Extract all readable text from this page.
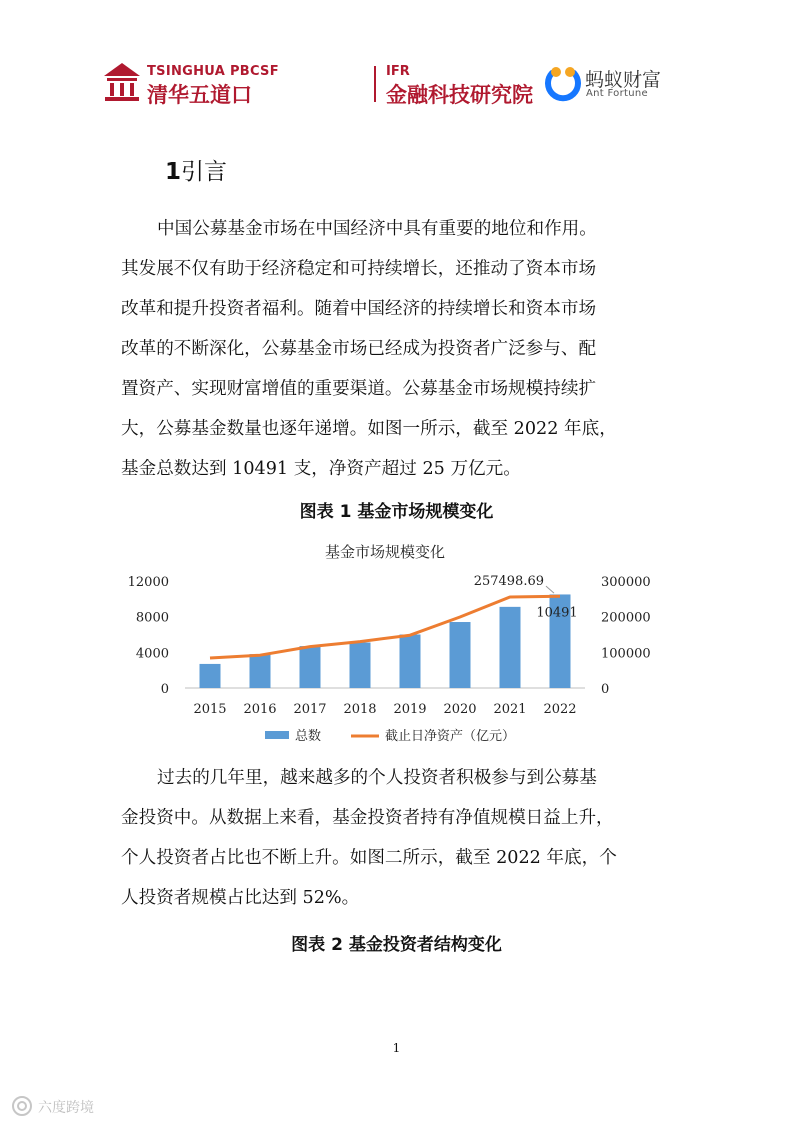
TSINGHUA PBCSF
清华五道口
IFR
金融科技研究院
蚂蚁财富
Ant Fortune
1引言
中国公募基金市场在中国经济中具有重要的地位和作用。
其发展不仅有助于经济稳定和可持续增长，还推动了资本市场
改革和提升投资者福利。随着中国经济的持续增长和资本市场
改革的不断深化，公募基金市场已经成为投资者广泛参与、配
置资产、实现财富增值的重要渠道。公募基金市场规模持续扩
大，公募基金数量也逐年递增。如图一所示，截至 2022 年底，
基金总数达到 10491 支，净资产超过 25 万亿元。
图表 1 基金市场规模变化
基金市场规模变化
0
4000
8000
12000
0
100000
200000
300000
2015 2016 2017 2018 2019 2020 2021 2022
257498.69
10491
总数	截止日净资产（亿元）
过去的几年里，越来越多的个人投资者积极参与到公募基
金投资中。从数据上来看，基金投资者持有净值规模日益上升，
个人投资者占比也不断上升。如图二所示，截至 2022 年底，个
人投资者规模占比达到 52%。
图表 2 基金投资者结构变化
1
六度跨境
